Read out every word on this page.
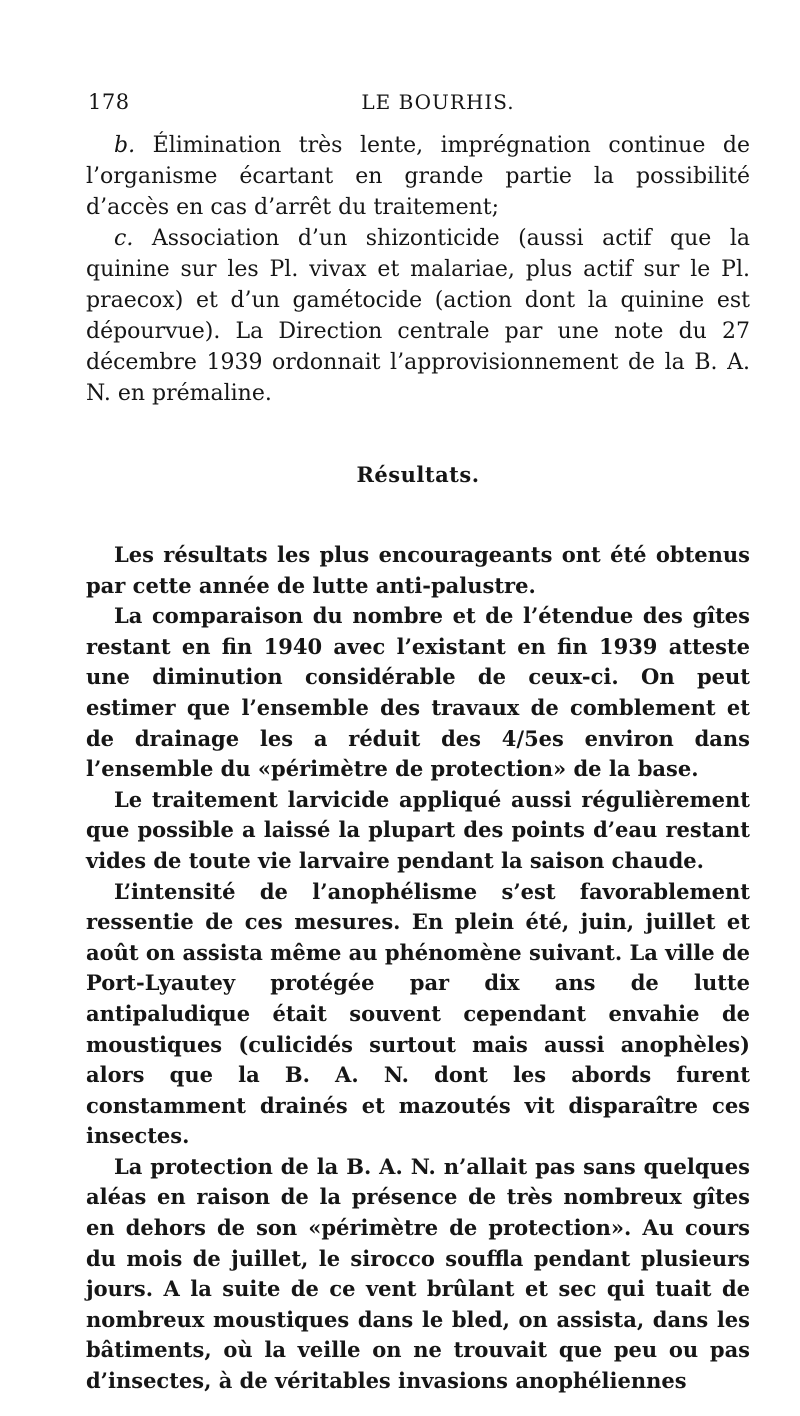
178	LE BOURHIS.

b. Élimination très lente, imprégnation continue de l’organisme écartant en grande partie la possibilité d’accès en cas d’arrêt du traitement;

c. Association d’un shizonticide (aussi actif que la quinine sur les Pl. vivax et malariae, plus actif sur le Pl. praecox) et d’un gamétocide (action dont la quinine est dépourvue). La Direction centrale par une note du 27 décembre 1939 ordonnait l’approvisionnement de la B. A. N. en prémaline.

Résultats.

Les résultats les plus encourageants ont été obtenus par cette année de lutte anti-palustre.

La comparaison du nombre et de l’étendue des gîtes restant en fin 1940 avec l’existant en fin 1939 atteste une diminution considérable de ceux-ci. On peut estimer que l’ensemble des travaux de comblement et de drainage les a réduit des 4/5es environ dans l’ensemble du «périmètre de protection» de la base.

Le traitement larvicide appliqué aussi régulièrement que possible a laissé la plupart des points d’eau restant vides de toute vie larvaire pendant la saison chaude.

L’intensité de l’anophélisme s’est favorablement ressentie de ces mesures. En plein été, juin, juillet et août on assista même au phénomène suivant. La ville de Port-Lyautey protégée par dix ans de lutte antipaludique était souvent cependant envahie de moustiques (culicidés surtout mais aussi anophèles) alors que la B. A. N. dont les abords furent constamment drainés et mazoutés vit disparaître ces insectes.

La protection de la B. A. N. n’allait pas sans quelques aléas en raison de la présence de très nombreux gîtes en dehors de son «périmètre de protection». Au cours du mois de juillet, le sirocco souffla pendant plusieurs jours. A la suite de ce vent brûlant et sec qui tuait de nombreux moustiques dans le bled, on assista, dans les bâtiments, où la veille on ne trouvait que peu ou pas d’insectes, à de véritables invasions anophéliennes
